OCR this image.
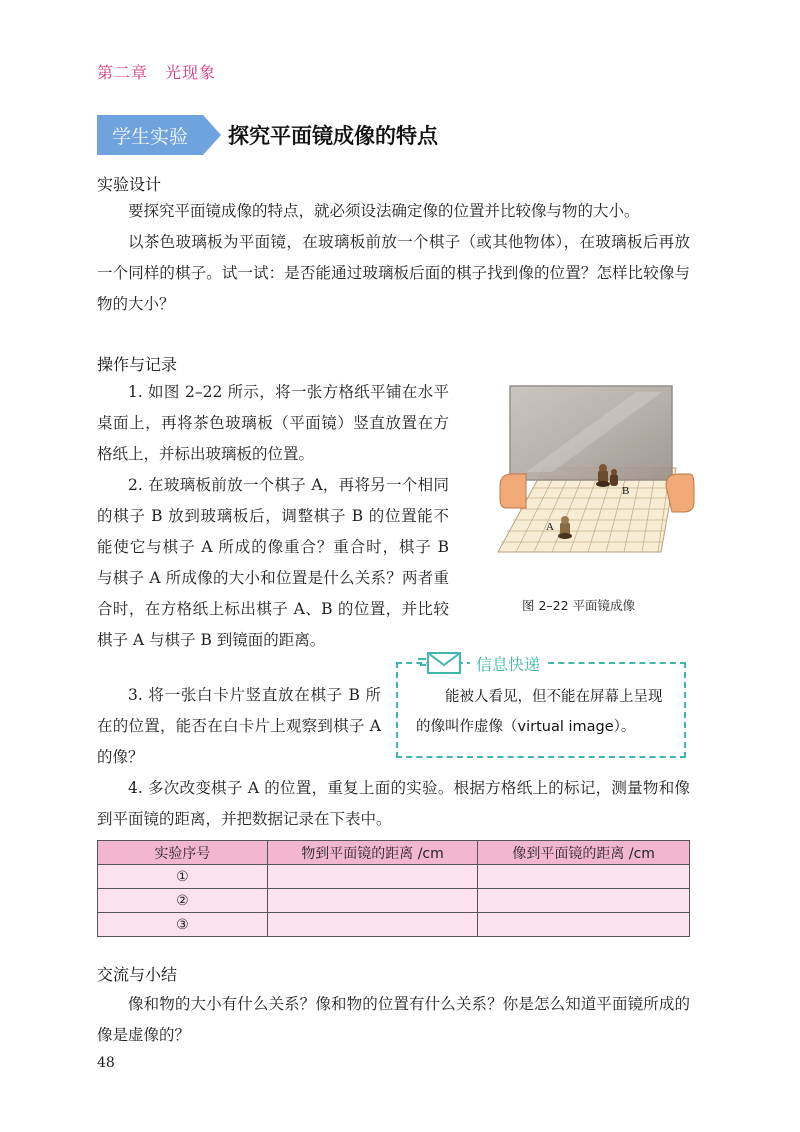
第二章　光现象
学生实验	探究平面镜成像的特点
实验设计
要探究平面镜成像的特点，就必须设法确定像的位置并比较像与物的大小。
以茶色玻璃板为平面镜，在玻璃板前放一个棋子（或其他物体），在玻璃板后再放一个同样的棋子。试一试：是否能通过玻璃板后面的棋子找到像的位置？怎样比较像与物的大小？
操作与记录
1. 如图 2–22 所示，将一张方格纸平铺在水平桌面上，再将茶色玻璃板（平面镜）竖直放置在方格纸上，并标出玻璃板的位置。
2. 在玻璃板前放一个棋子 A，再将另一个相同的棋子 B 放到玻璃板后，调整棋子 B 的位置能不能使它与棋子 A 所成的像重合？重合时，棋子 B 与棋子 A 所成像的大小和位置是什么关系？两者重合时，在方格纸上标出棋子 A、B 的位置，并比较棋子 A 与棋子 B 到镜面的距离。
3. 将一张白卡片竖直放在棋子 B 所在的位置，能否在白卡片上观察到棋子 A 的像？
4. 多次改变棋子 A 的位置，重复上面的实验。根据方格纸上的标记，测量物和像到平面镜的距离，并把数据记录在下表中。
B
A
图 2–22 平面镜成像
信息快递
能被人看见，但不能在屏幕上呈现的像叫作虚像（virtual image）。
实验序号	物到平面镜的距离 /cm	像到平面镜的距离 /cm
①		
②		
③		
交流与小结
像和物的大小有什么关系？像和物的位置有什么关系？你是怎么知道平面镜所成的像是虚像的？
48
